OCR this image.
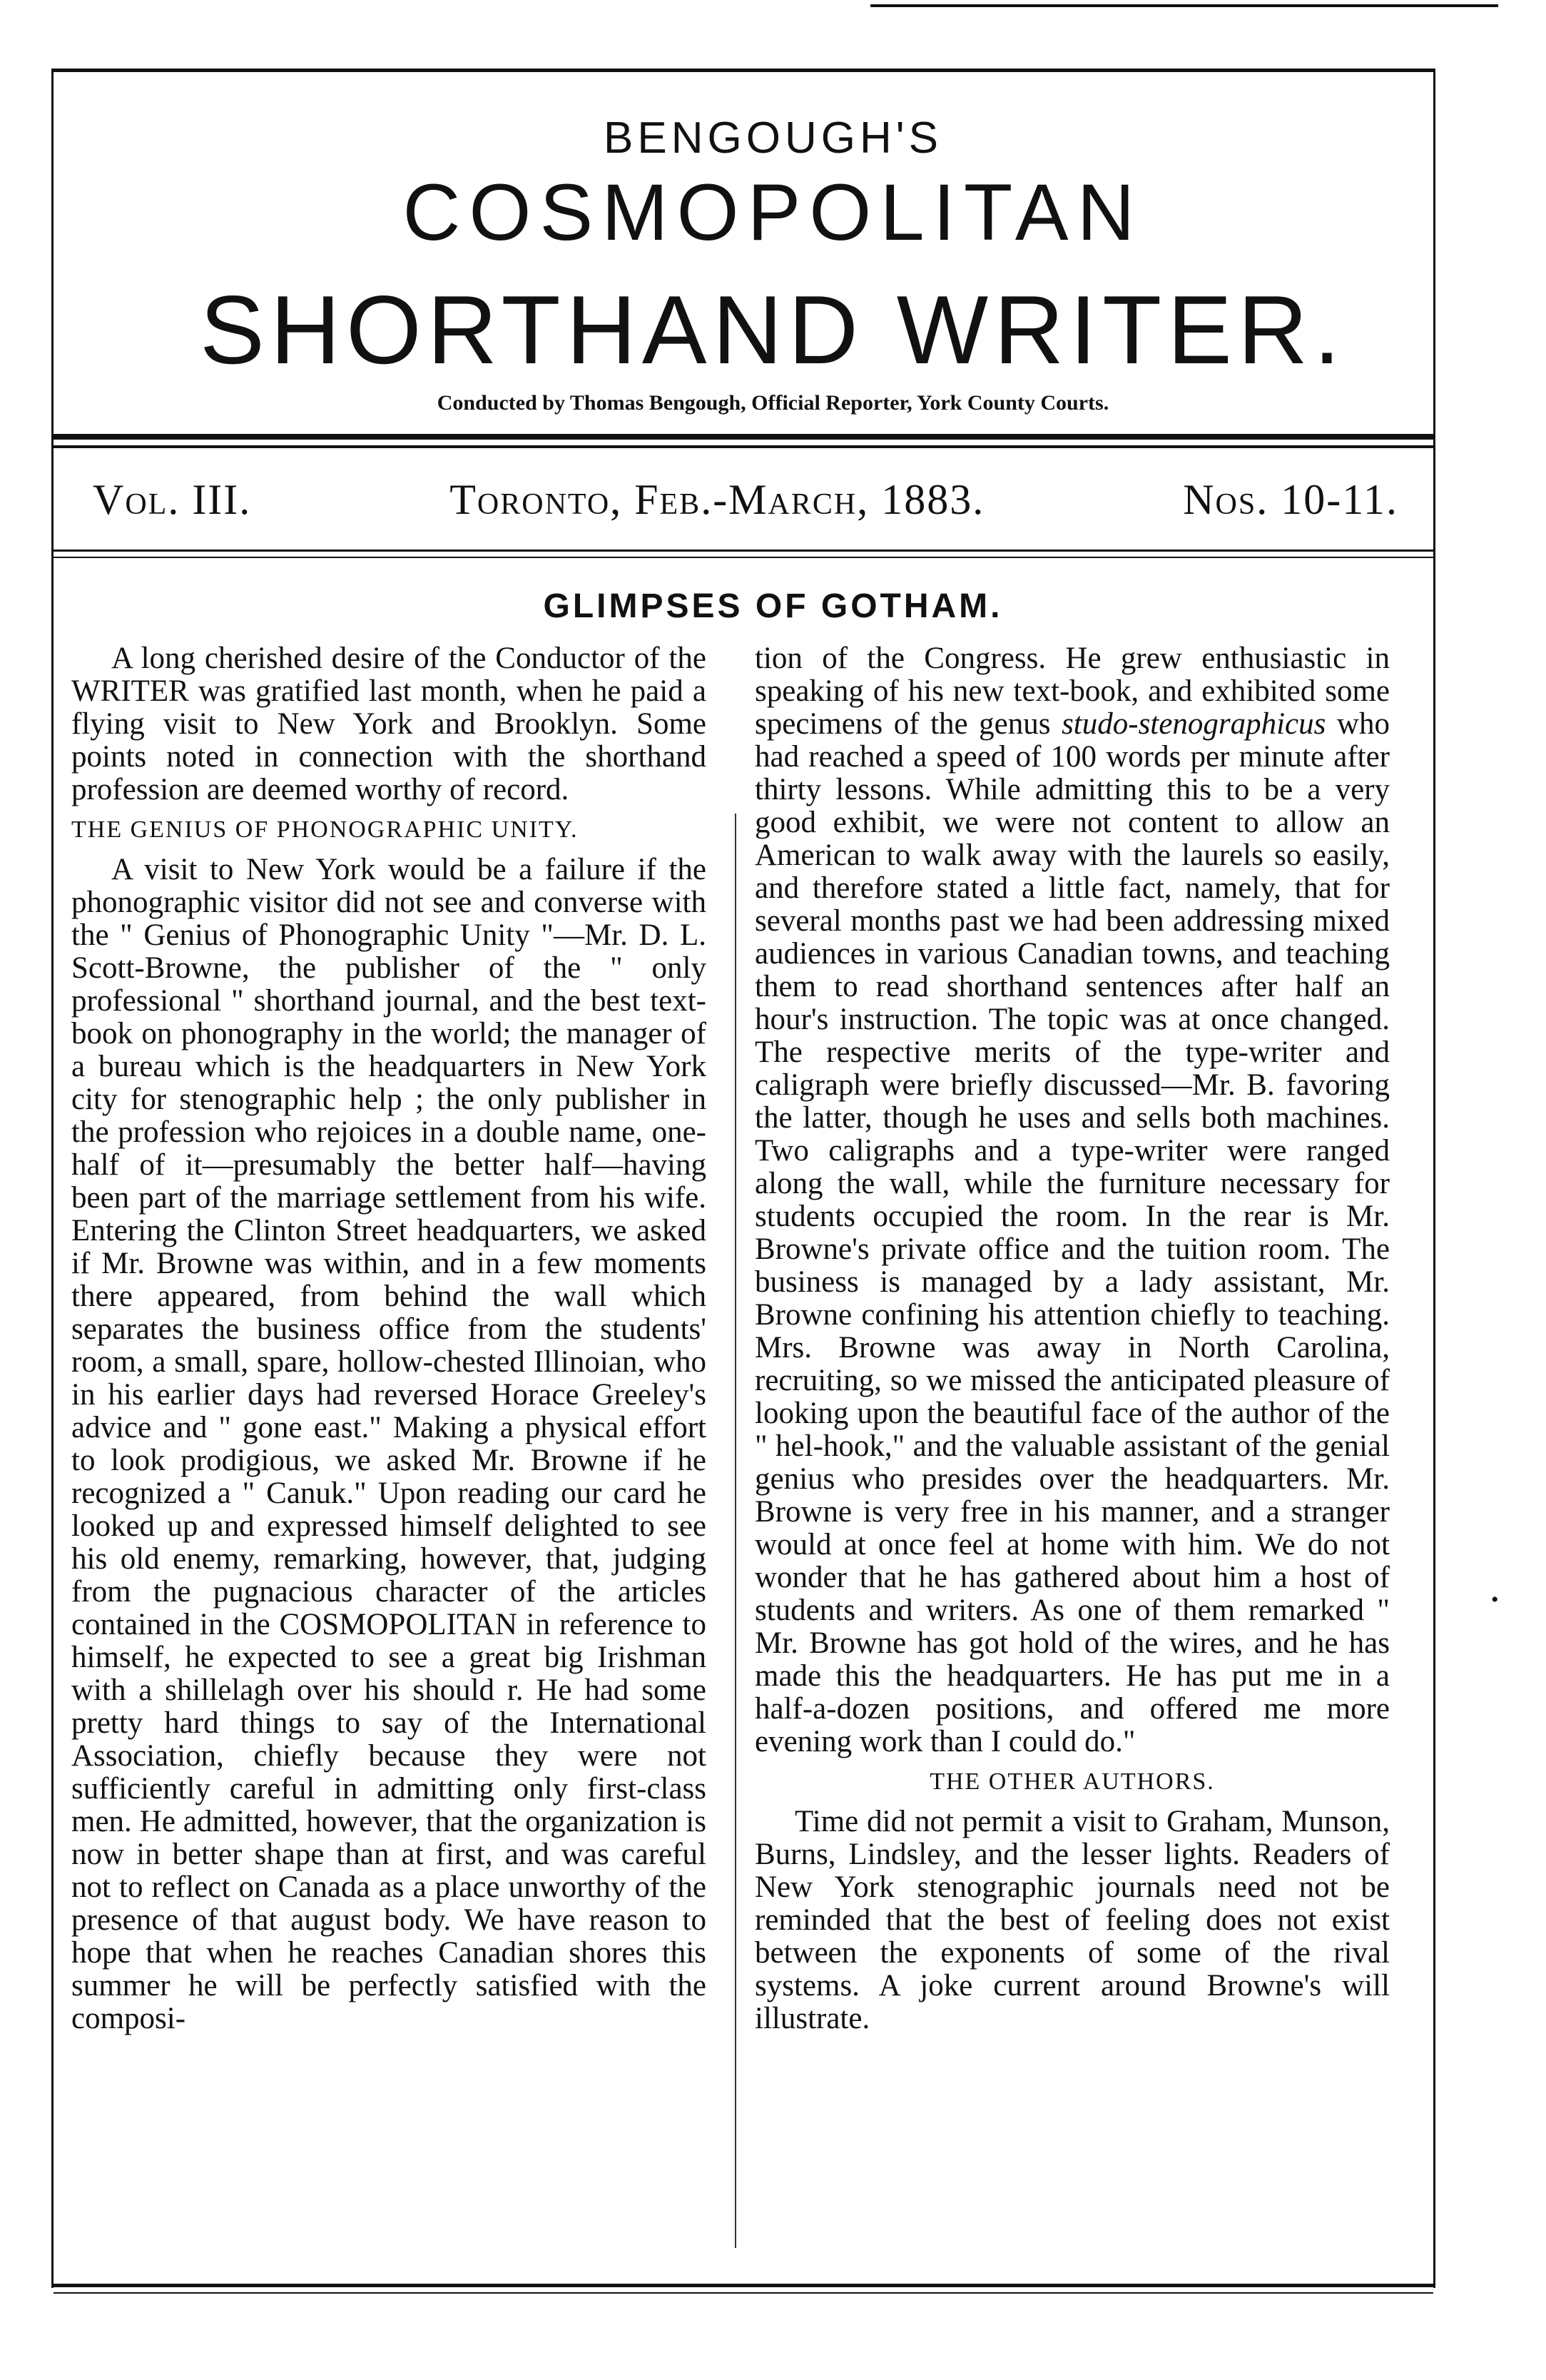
BENGOUGH'S
COSMOPOLITAN
SHORTHAND WRITER.
Conducted by Thomas Bengough, Official Reporter, York County Courts.
Vol. III.	Toronto, Feb.-March, 1883.	Nos. 10-11.
GLIMPSES OF GOTHAM.

A long cherished desire of the Conductor of the WRITER was gratified last month, when he paid a flying visit to New York and Brooklyn. Some points noted in connection with the shorthand profession are deemed worthy of record.

THE GENIUS OF PHONOGRAPHIC UNITY.

A visit to New York would be a failure if the phonographic visitor did not see and converse with the " Genius of Phonographic Unity "—Mr. D. L. Scott-Browne, the publisher of the " only professional " shorthand journal, and the best text-book on phonography in the world; the manager of a bureau which is the headquarters in New York city for stenographic help ; the only publisher in the profession who rejoices in a double name, one-half of it—presumably the better half—having been part of the marriage settlement from his wife. Entering the Clinton Street headquarters, we asked if Mr. Browne was within, and in a few moments there appeared, from behind the wall which separates the business office from the students' room, a small, spare, hollow-chested Illinoian, who in his earlier days had reversed Horace Greeley's advice and " gone east." Making a physical effort to look prodigious, we asked Mr. Browne if he recognized a " Canuk." Upon reading our card he looked up and expressed himself delighted to see his old enemy, remarking, however, that, judging from the pugnacious character of the articles contained in the COSMOPOLITAN in reference to himself, he expected to see a great big Irishman with a shillelagh over his should r. He had some pretty hard things to say of the International Association, chiefly because they were not sufficiently careful in admitting only first-class men. He admitted, however, that the organization is now in better shape than at first, and was careful not to reflect on Canada as a place unworthy of the presence of that august body. We have reason to hope that when he reaches Canadian shores this summer he will be perfectly satisfied with the composi-

tion of the Congress. He grew enthusiastic in speaking of his new text-book, and exhibited some specimens of the genus studo-stenographicus who had reached a speed of 100 words per minute after thirty lessons. While admitting this to be a very good exhibit, we were not content to allow an American to walk away with the laurels so easily, and therefore stated a little fact, namely, that for several months past we had been addressing mixed audiences in various Canadian towns, and teaching them to read shorthand sentences after half an hour's instruction. The topic was at once changed. The respective merits of the type-writer and caligraph were briefly discussed—Mr. B. favoring the latter, though he uses and sells both machines. Two caligraphs and a type-writer were ranged along the wall, while the furniture necessary for students occupied the room. In the rear is Mr. Browne's private office and the tuition room. The business is managed by a lady assistant, Mr. Browne confining his attention chiefly to teaching. Mrs. Browne was away in North Carolina, recruiting, so we missed the anticipated pleasure of looking upon the beautiful face of the author of the " hel-hook," and the valuable assistant of the genial genius who presides over the headquarters. Mr. Browne is very free in his manner, and a stranger would at once feel at home with him. We do not wonder that he has gathered about him a host of students and writers. As one of them remarked " Mr. Browne has got hold of the wires, and he has made this the headquarters. He has put me in a half-a-dozen positions, and offered me more evening work than I could do."

THE OTHER AUTHORS.

Time did not permit a visit to Graham, Munson, Burns, Lindsley, and the lesser lights. Readers of New York stenographic journals need not be reminded that the best of feeling does not exist between the exponents of some of the rival systems. A joke current around Browne's will illustrate.

•
